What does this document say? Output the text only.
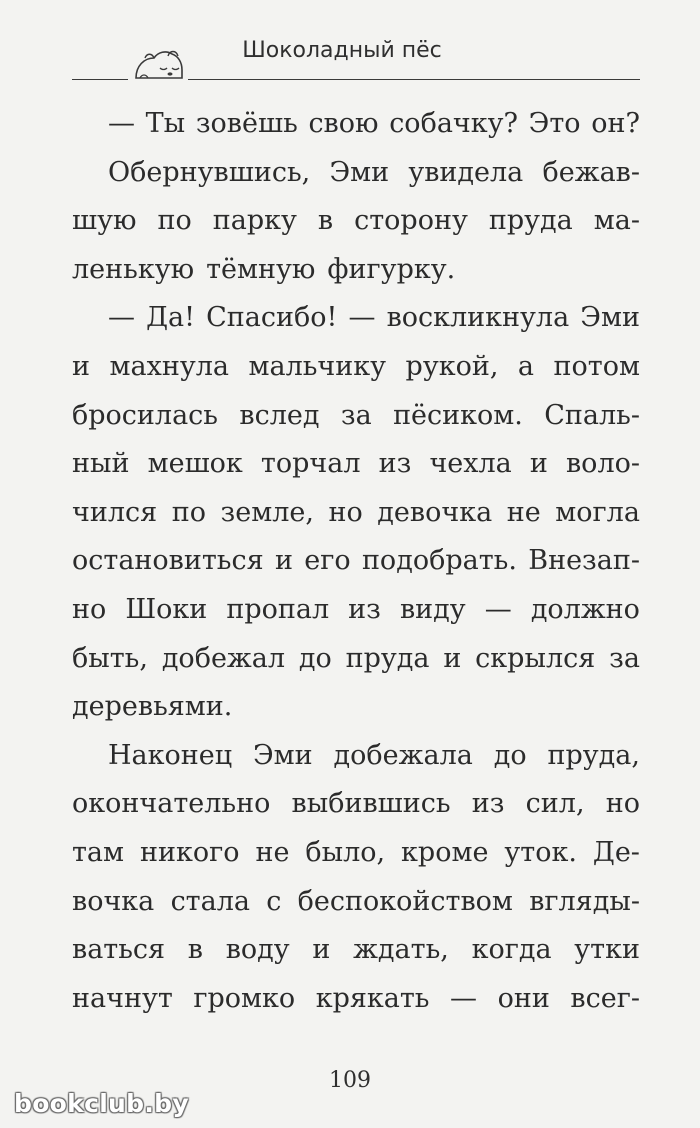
Шоколадный пёс
— Ты зовёшь свою собачку? Это он?
Обернувшись, Эми увидела бежав-
шую по парку в сторону пруда ма-
ленькую тёмную фигурку.
— Да! Спасибо! — воскликнула Эми
и махнула мальчику рукой, а потом
бросилась вслед за пёсиком. Спаль-
ный мешок торчал из чехла и воло-
чился по земле, но девочка не могла
остановиться и его подобрать. Внезап-
но Шоки пропал из виду — должно
быть, добежал до пруда и скрылся за
деревьями.
Наконец Эми добежала до пруда,
окончательно выбившись из сил, но
там никого не было, кроме уток. Де-
вочка стала с беспокойством вгляды-
ваться в воду и ждать, когда утки
начнут громко крякать — они всег-
109
bookclub.by
